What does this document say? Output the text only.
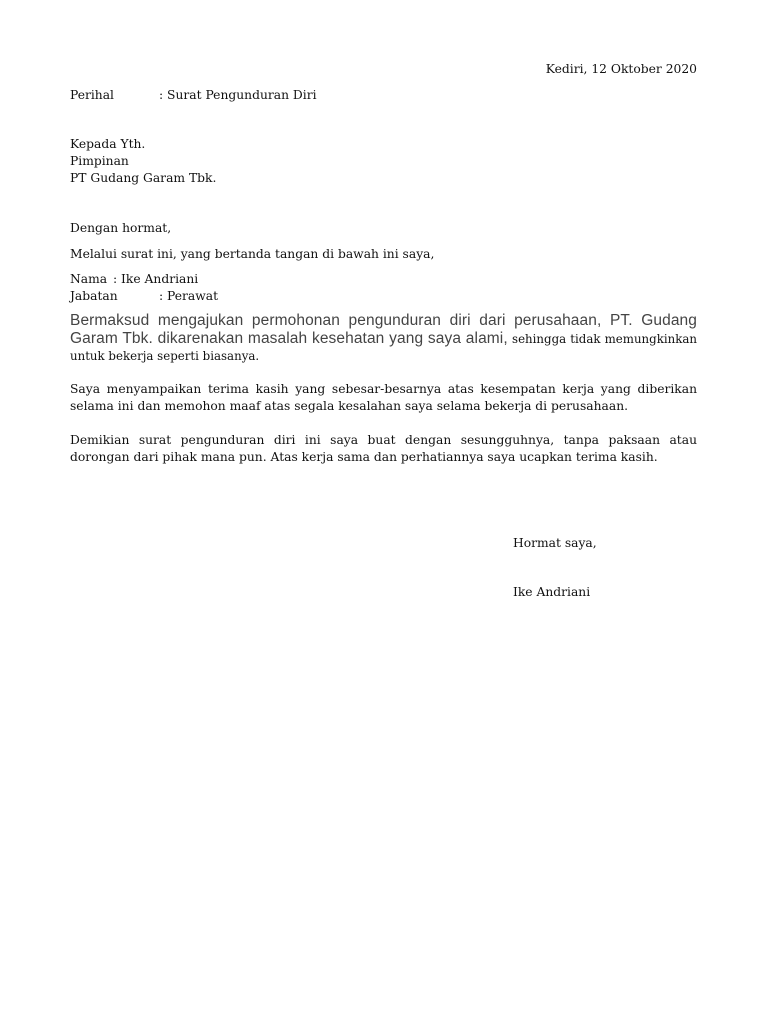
Kediri, 12 Oktober 2020
Perihal	: Surat Pengunduran Diri
Kepada Yth.
Pimpinan
PT Gudang Garam Tbk.
Dengan hormat,
Melalui surat ini, yang bertanda tangan di bawah ini saya,
Nama : Ike Andriani
Jabatan	: Perawat
Bermaksud mengajukan permohonan pengunduran diri dari perusahaan, PT. Gudang Garam Tbk. dikarenakan masalah kesehatan yang saya alami, sehingga tidak memungkinkan untuk bekerja seperti biasanya.
Saya menyampaikan terima kasih yang sebesar-besarnya atas kesempatan kerja yang diberikan selama ini dan memohon maaf atas segala kesalahan saya selama bekerja di perusahaan.
Demikian surat pengunduran diri ini saya buat dengan sesungguhnya, tanpa paksaan atau dorongan dari pihak mana pun. Atas kerja sama dan perhatiannya saya ucapkan terima kasih.
Hormat saya,
Ike Andriani
